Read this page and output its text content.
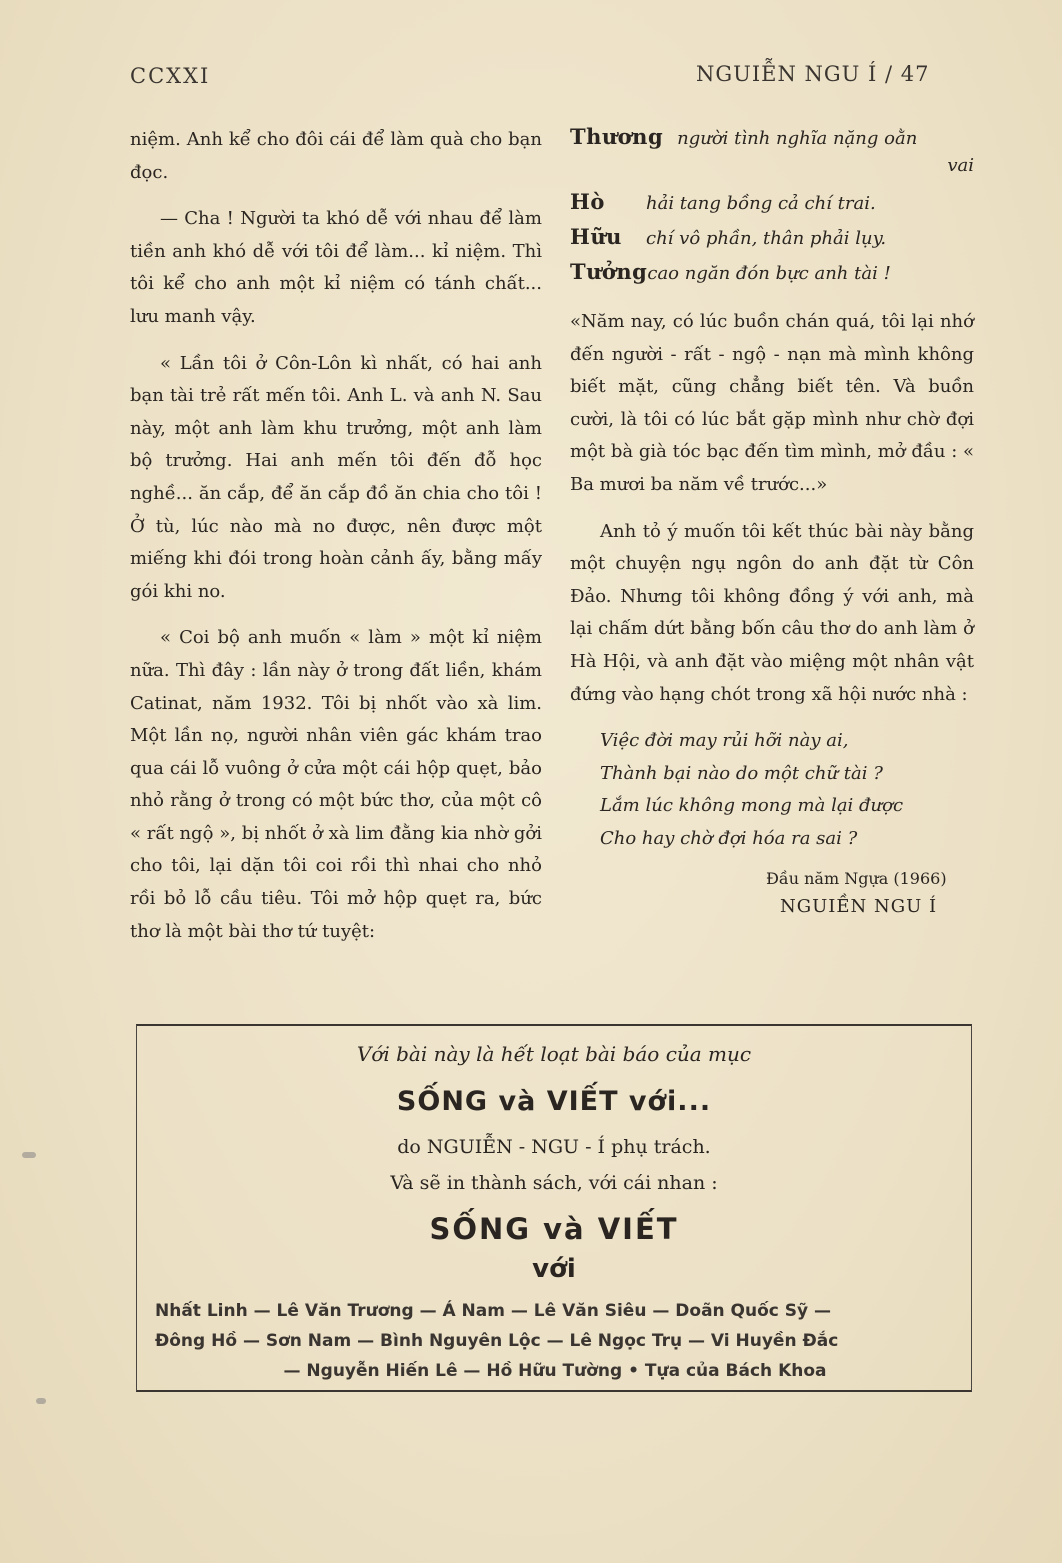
CCXXI	NGUIỄN NGU Í / 47

niệm. Anh kể cho đôi cái để làm quà cho bạn đọc.

— Cha ! Người ta khó dễ với nhau để làm tiền anh khó dễ với tôi để làm... kỉ niệm. Thì tôi kể cho anh một kỉ niệm có tánh chất... lưu manh vậy.

« Lần tôi ở Côn-Lôn kì nhất, có hai anh bạn tài trẻ rất mến tôi. Anh L. và anh N. Sau này, một anh làm khu trưởng, một anh làm bộ trưởng. Hai anh mến tôi đến đỗ học nghề... ăn cắp, để ăn cắp đồ ăn chia cho tôi ! Ở tù, lúc nào mà no được, nên được một miếng khi đói trong hoàn cảnh ấy, bằng mấy gói khi no.

« Coi bộ anh muốn « làm » một kỉ niệm nữa. Thì đây : lần này ở trong đất liền, khám Catinat, năm 1932. Tôi bị nhốt vào xà lim. Một lần nọ, người nhân viên gác khám trao qua cái lỗ vuông ở cửa một cái hộp quẹt, bảo nhỏ rằng ở trong có một bức thơ, của một cô « rất ngộ », bị nhốt ở xà lim đằng kia nhờ gởi cho tôi, lại dặn tôi coi rồi thì nhai cho nhỏ rồi bỏ lỗ cầu tiêu. Tôi mở hộp quẹt ra, bức thơ là một bài thơ tứ tuyệt:

Thương người tình nghĩa nặng oằn

vai

Hò	hải tang bồng cả chí trai.

Hữu	chí vô phần, thân phải lụy.

Tưởng cao ngăn đón bực anh tài !

«Năm nay, có lúc buồn chán quá, tôi lại nhớ đến người - rất - ngộ - nạn mà mình không biết mặt, cũng chẳng biết tên. Và buồn cười, là tôi có lúc bắt gặp mình như chờ đợi một bà già tóc bạc đến tìm mình, mở đầu : « Ba mươi ba năm về trước...»

Anh tỏ ý muốn tôi kết thúc bài này bằng một chuyện ngụ ngôn do anh đặt từ Côn Đảo. Nhưng tôi không đồng ý với anh, mà lại chấm dứt bằng bốn câu thơ do anh làm ở Hà Hội, và anh đặt vào miệng một nhân vật đứng vào hạng chót trong xã hội nước nhà :

Việc đời may rủi hỡi này ai,
Thành bại nào do một chữ tài ?
Lắm lúc không mong mà lại được
Cho hay chờ đợi hóa ra sai ?
Đầu năm Ngựa (1966)
NGUIỀN NGU Í
Với bài này là hết loạt bài báo của mục
SỐNG và VIẾT với...
do NGUIỄN - NGU - Í phụ trách.
Và sẽ in thành sách, với cái nhan :
SỐNG và VIẾT
với
Nhất Linh — Lê Văn Trương — Á Nam — Lê Văn Siêu — Doãn Quốc Sỹ —
Đông Hồ — Sơn Nam — Bình Nguyên Lộc — Lê Ngọc Trụ — Vi Huyền Đắc
— Nguyễn Hiến Lê — Hồ Hữu Tường • Tựa của Bách Khoa
